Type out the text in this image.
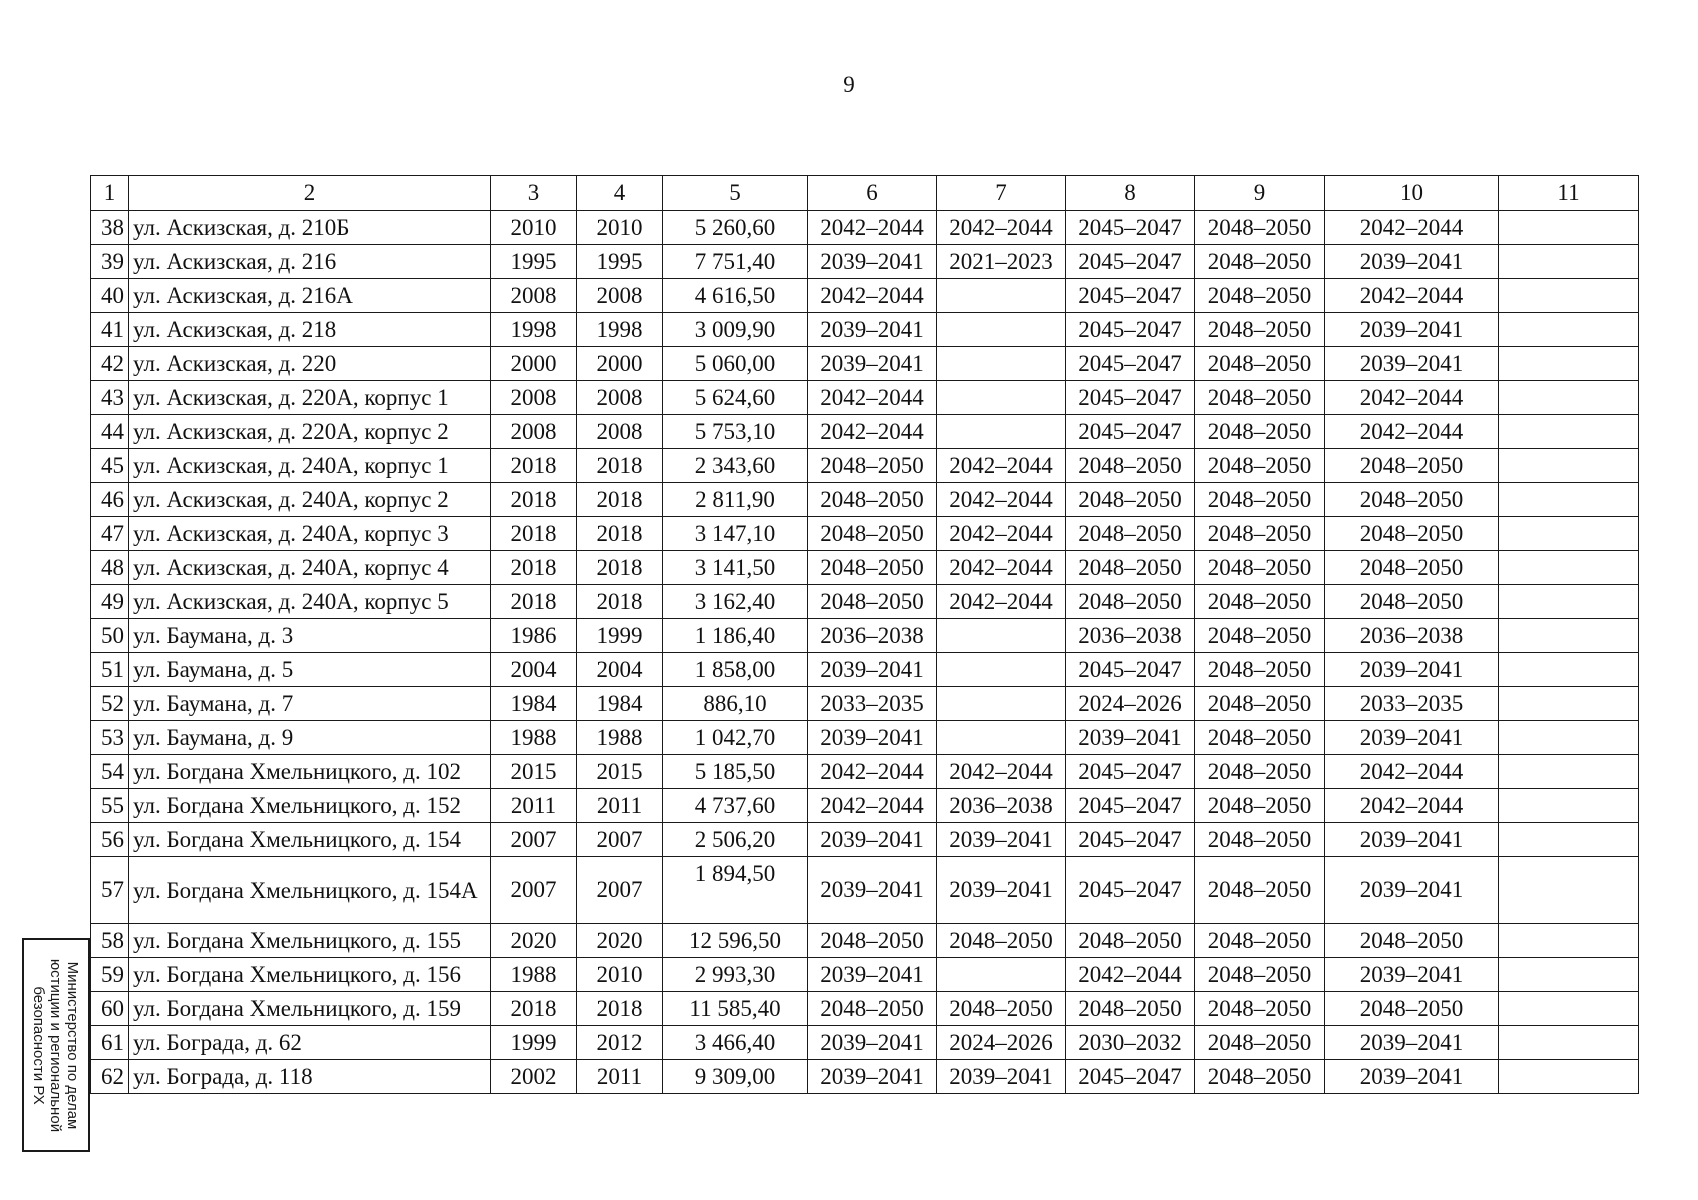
9
1	2	3	4	5	6	7	8	9	10	11
38	ул. Аскизская, д. 210Б	2010	2010	5 260,60	2042–2044	2042–2044	2045–2047	2048–2050	2042–2044	
39	ул. Аскизская, д. 216	1995	1995	7 751,40	2039–2041	2021–2023	2045–2047	2048–2050	2039–2041	
40	ул. Аскизская, д. 216А	2008	2008	4 616,50	2042–2044		2045–2047	2048–2050	2042–2044	
41	ул. Аскизская, д. 218	1998	1998	3 009,90	2039–2041		2045–2047	2048–2050	2039–2041	
42	ул. Аскизская, д. 220	2000	2000	5 060,00	2039–2041		2045–2047	2048–2050	2039–2041	
43	ул. Аскизская, д. 220А, корпус 1	2008	2008	5 624,60	2042–2044		2045–2047	2048–2050	2042–2044	
44	ул. Аскизская, д. 220А, корпус 2	2008	2008	5 753,10	2042–2044		2045–2047	2048–2050	2042–2044	
45	ул. Аскизская, д. 240А, корпус 1	2018	2018	2 343,60	2048–2050	2042–2044	2048–2050	2048–2050	2048–2050	
46	ул. Аскизская, д. 240А, корпус 2	2018	2018	2 811,90	2048–2050	2042–2044	2048–2050	2048–2050	2048–2050	
47	ул. Аскизская, д. 240А, корпус 3	2018	2018	3 147,10	2048–2050	2042–2044	2048–2050	2048–2050	2048–2050	
48	ул. Аскизская, д. 240А, корпус 4	2018	2018	3 141,50	2048–2050	2042–2044	2048–2050	2048–2050	2048–2050	
49	ул. Аскизская, д. 240А, корпус 5	2018	2018	3 162,40	2048–2050	2042–2044	2048–2050	2048–2050	2048–2050	
50	ул. Баумана, д. 3	1986	1999	1 186,40	2036–2038		2036–2038	2048–2050	2036–2038	
51	ул. Баумана, д. 5	2004	2004	1 858,00	2039–2041		2045–2047	2048–2050	2039–2041	
52	ул. Баумана, д. 7	1984	1984	886,10	2033–2035		2024–2026	2048–2050	2033–2035	
53	ул. Баумана, д. 9	1988	1988	1 042,70	2039–2041		2039–2041	2048–2050	2039–2041	
54	ул. Богдана Хмельницкого, д. 102	2015	2015	5 185,50	2042–2044	2042–2044	2045–2047	2048–2050	2042–2044	
55	ул. Богдана Хмельницкого, д. 152	2011	2011	4 737,60	2042–2044	2036–2038	2045–2047	2048–2050	2042–2044	
56	ул. Богдана Хмельницкого, д. 154	2007	2007	2 506,20	2039–2041	2039–2041	2045–2047	2048–2050	2039–2041	
57	ул. Богдана Хмельницкого, д. 154А	2007	2007	1 894,50	2039–2041	2039–2041	2045–2047	2048–2050	2039–2041	
58	ул. Богдана Хмельницкого, д. 155	2020	2020	12 596,50	2048–2050	2048–2050	2048–2050	2048–2050	2048–2050	
59	ул. Богдана Хмельницкого, д. 156	1988	2010	2 993,30	2039–2041		2042–2044	2048–2050	2039–2041	
60	ул. Богдана Хмельницкого, д. 159	2018	2018	11 585,40	2048–2050	2048–2050	2048–2050	2048–2050	2048–2050	
61	ул. Бограда, д. 62	1999	2012	3 466,40	2039–2041	2024–2026	2030–2032	2048–2050	2039–2041	
62	ул. Бограда, д. 118	2002	2011	9 309,00	2039–2041	2039–2041	2045–2047	2048–2050	2039–2041	
Министерство по делам
юстиции и региональной
безопасности РХ
